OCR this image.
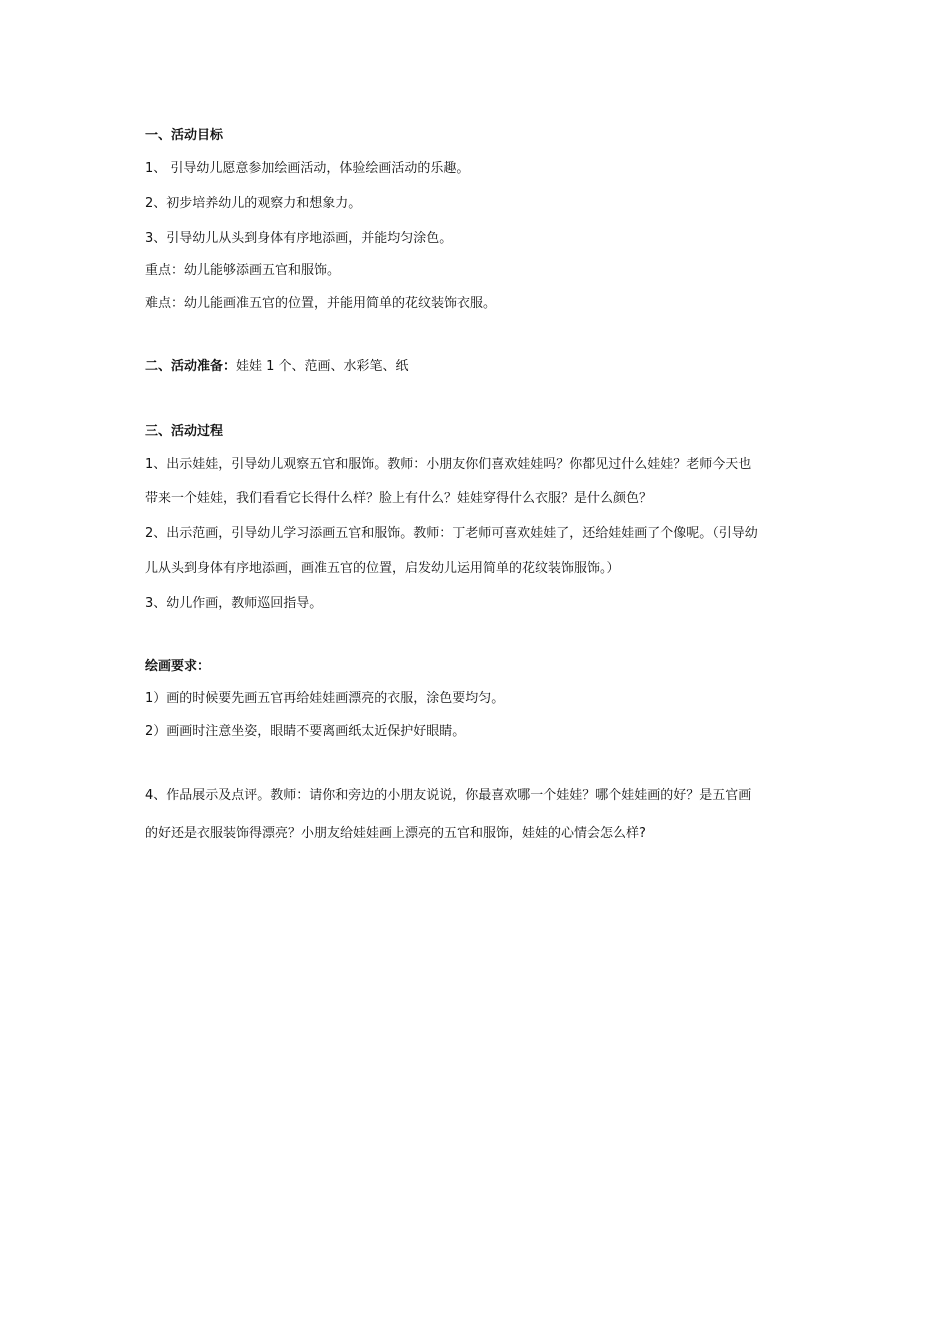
一、活动目标
1、 引导幼儿愿意参加绘画活动，体验绘画活动的乐趣。
2、初步培养幼儿的观察力和想象力。
3、引导幼儿从头到身体有序地添画，并能均匀涂色。
重点：幼儿能够添画五官和服饰。
难点：幼儿能画准五官的位置，并能用简单的花纹装饰衣服。
二、活动准备：娃娃 1 个、范画、水彩笔、纸
三、活动过程
1、出示娃娃，引导幼儿观察五官和服饰。教师：小朋友你们喜欢娃娃吗？你都见过什么娃娃？老师今天也
带来一个娃娃，我们看看它长得什么样？脸上有什么？娃娃穿得什么衣服？是什么颜色？
2、出示范画，引导幼儿学习添画五官和服饰。教师：丁老师可喜欢娃娃了，还给娃娃画了个像呢。（引导幼
儿从头到身体有序地添画，画准五官的位置，启发幼儿运用简单的花纹装饰服饰。）
3、幼儿作画，教师巡回指导。
绘画要求：
1）画的时候要先画五官再给娃娃画漂亮的衣服，涂色要均匀。
2）画画时注意坐姿，眼睛不要离画纸太近保护好眼睛。
4、作品展示及点评。教师：请你和旁边的小朋友说说，你最喜欢哪一个娃娃？哪个娃娃画的好？是五官画
的好还是衣服装饰得漂亮？小朋友给娃娃画上漂亮的五官和服饰，娃娃的心情会怎么样?
